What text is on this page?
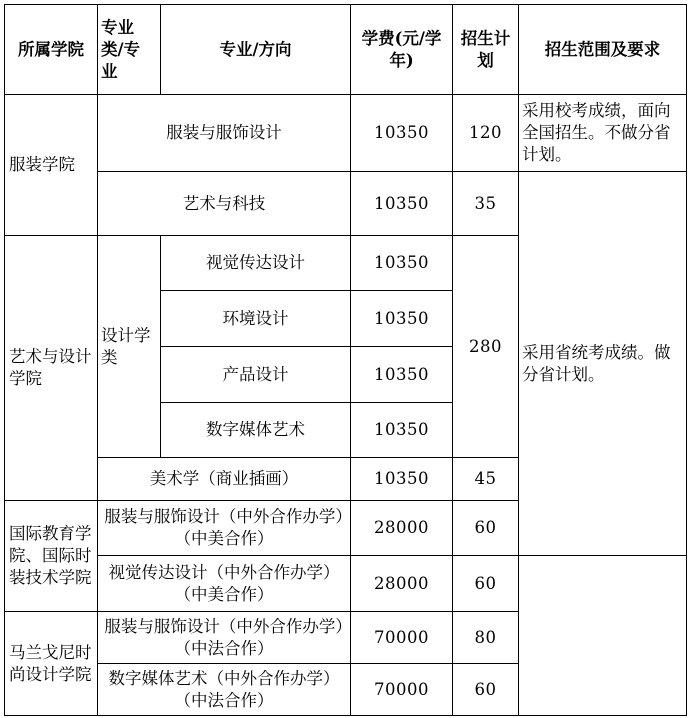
所属学院	专业类/专业	专业/方向	学费(元/学年)	招生计划	招生范围及要求
服装学院	服装与服饰设计		10350	120	采用校考成绩，面向全国招生。不做分省计划。
	艺术与科技		10350	35	采用省统考成绩。做分省计划。
艺术与设计学院	设计学类	视觉传达设计	10350	280	
		环境设计	10350		
		产品设计	10350		
		数字媒体艺术	10350		
	美术学（商业插画）		10350	45	
国际教育学院、国际时装技术学院	服装与服饰设计（中外合作办学）（中美合作）		28000	60	
	视觉传达设计（中外合作办学）（中美合作）		28000	60	
马兰戈尼时尚设计学院	服装与服饰设计（中外合作办学）（中法合作）		70000	80	
	数字媒体艺术（中外合作办学）（中法合作）		70000	60	
